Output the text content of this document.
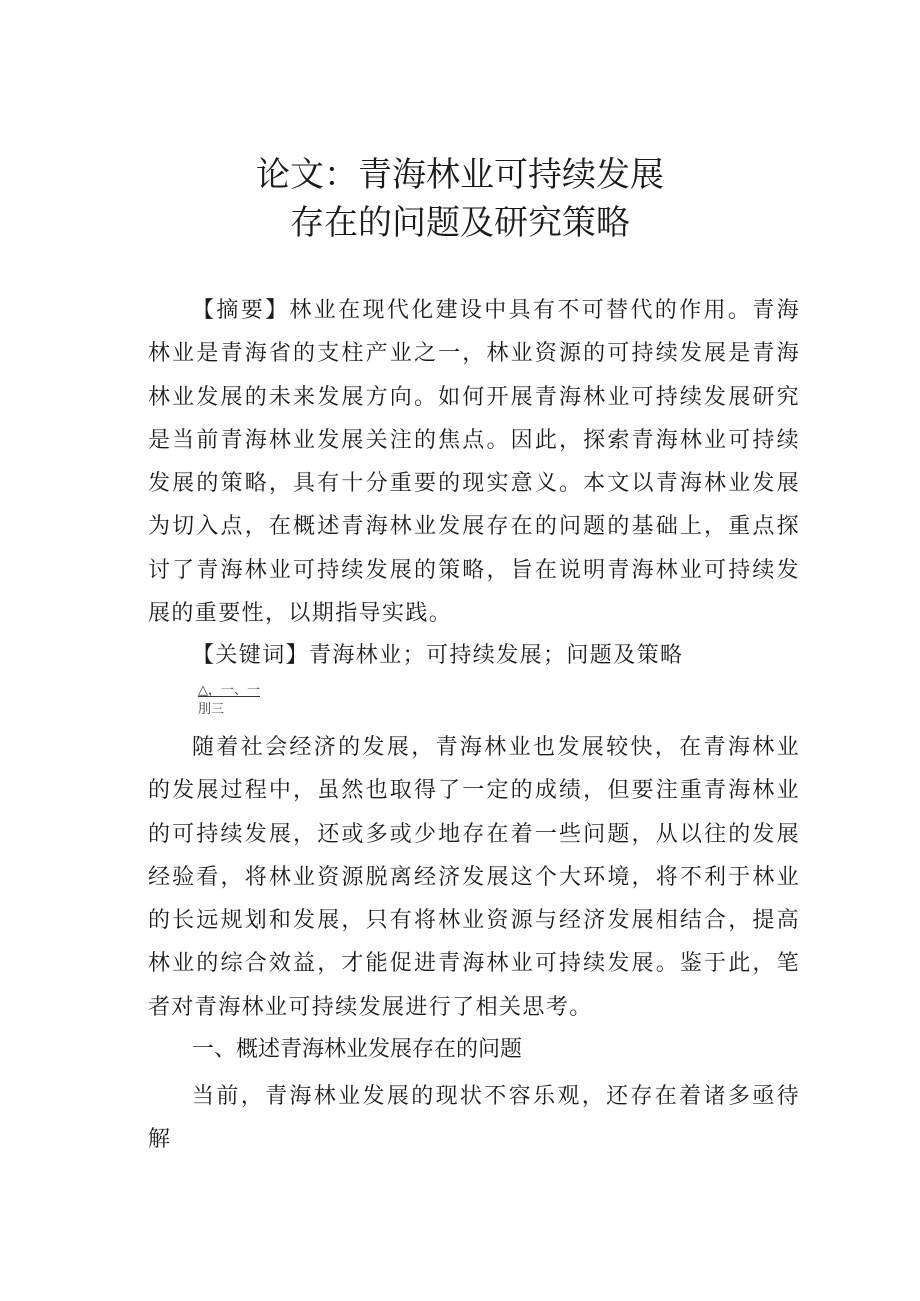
论文：青海林业可持续发展
存在的问题及研究策略

【摘要】林业在现代化建设中具有不可替代的作用。青海林业是青海省的支柱产业之一，林业资源的可持续发展是青海林业发展的未来发展方向。如何开展青海林业可持续发展研究是当前青海林业发展关注的焦点。因此，探索青海林业可持续发展的策略，具有十分重要的现实意义。本文以青海林业发展为切入点，在概述青海林业发展存在的问题的基础上，重点探讨了青海林业可持续发展的策略，旨在说明青海林业可持续发展的重要性，以期指导实践。

【关键词】青海林业；可持续发展；问题及策略

△，一、一

刖三

随着社会经济的发展，青海林业也发展较快，在青海林业的发展过程中，虽然也取得了一定的成绩，但要注重青海林业的可持续发展，还或多或少地存在着一些问题，从以往的发展经验看，将林业资源脱离经济发展这个大环境，将不利于林业的长远规划和发展，只有将林业资源与经济发展相结合，提高林业的综合效益，才能促进青海林业可持续发展。鉴于此，笔者对青海林业可持续发展进行了相关思考。

一、概述青海林业发展存在的问题

当前，青海林业发展的现状不容乐观，还存在着诸多亟待解
